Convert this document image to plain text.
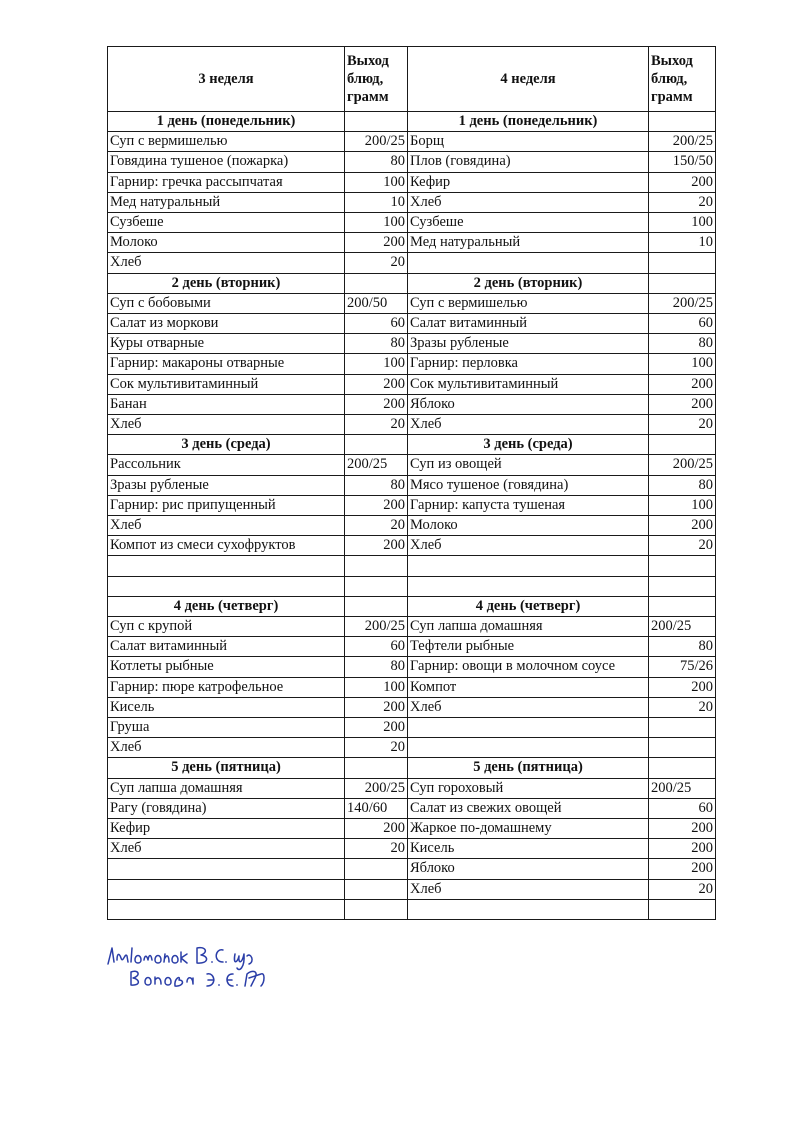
3 неделя	Выход блюд, грамм	4 неделя	Выход блюд, грамм
1 день (понедельник)		1 день (понедельник)	
Суп с вермишелью	200/25	Борщ	200/25
Говядина тушеное (пожарка)	80	Плов (говядина)	150/50
Гарнир: гречка рассыпчатая	100	Кефир	200
Мед натуральный	10	Хлеб	20
Сузбеше	100	Сузбеше	100
Молоко	200	Мед натуральный	10
Хлеб	20		
2 день (вторник)		2 день (вторник)	
Суп с бобовыми	200/50	Суп с вермишелью	200/25
Салат из моркови	60	Салат витаминный	60
Куры отварные	80	Зразы рубленые	80
Гарнир: макароны отварные	100	Гарнир: перловка	100
Сок мультивитаминный	200	Сок мультивитаминный	200
Банан	200	Яблоко	200
Хлеб	20	Хлеб	20
3 день (среда)		3 день (среда)	
Рассольник	200/25	Суп из овощей	200/25
Зразы рубленые	80	Мясо тушеное (говядина)	80
Гарнир: рис припущенный	200	Гарнир: капуста тушеная	100
Хлеб	20	Молоко	200
Компот из смеси сухофруктов	200	Хлеб	20

4 день (четверг)		4 день (четверг)	
Суп с крупой	200/25	Суп лапша домашняя	200/25
Салат витаминный	60	Тефтели рыбные	80
Котлеты рыбные	80	Гарнир: овощи в молочном соусе	75/26
Гарнир: пюре катрофельное	100	Компот	200
Кисель	200	Хлеб	20
Груша	200		
Хлеб	20		
5 день (пятница)		5 день (пятница)	
Суп лапша домашняя	200/25	Суп гороховый	200/25
Рагу (говядина)	140/60	Салат из свежих овощей	60
Кефир	200	Жаркое по-домашнему	200
Хлеб	20	Кисель	200
		Яблоко	200
		Хлеб	20
